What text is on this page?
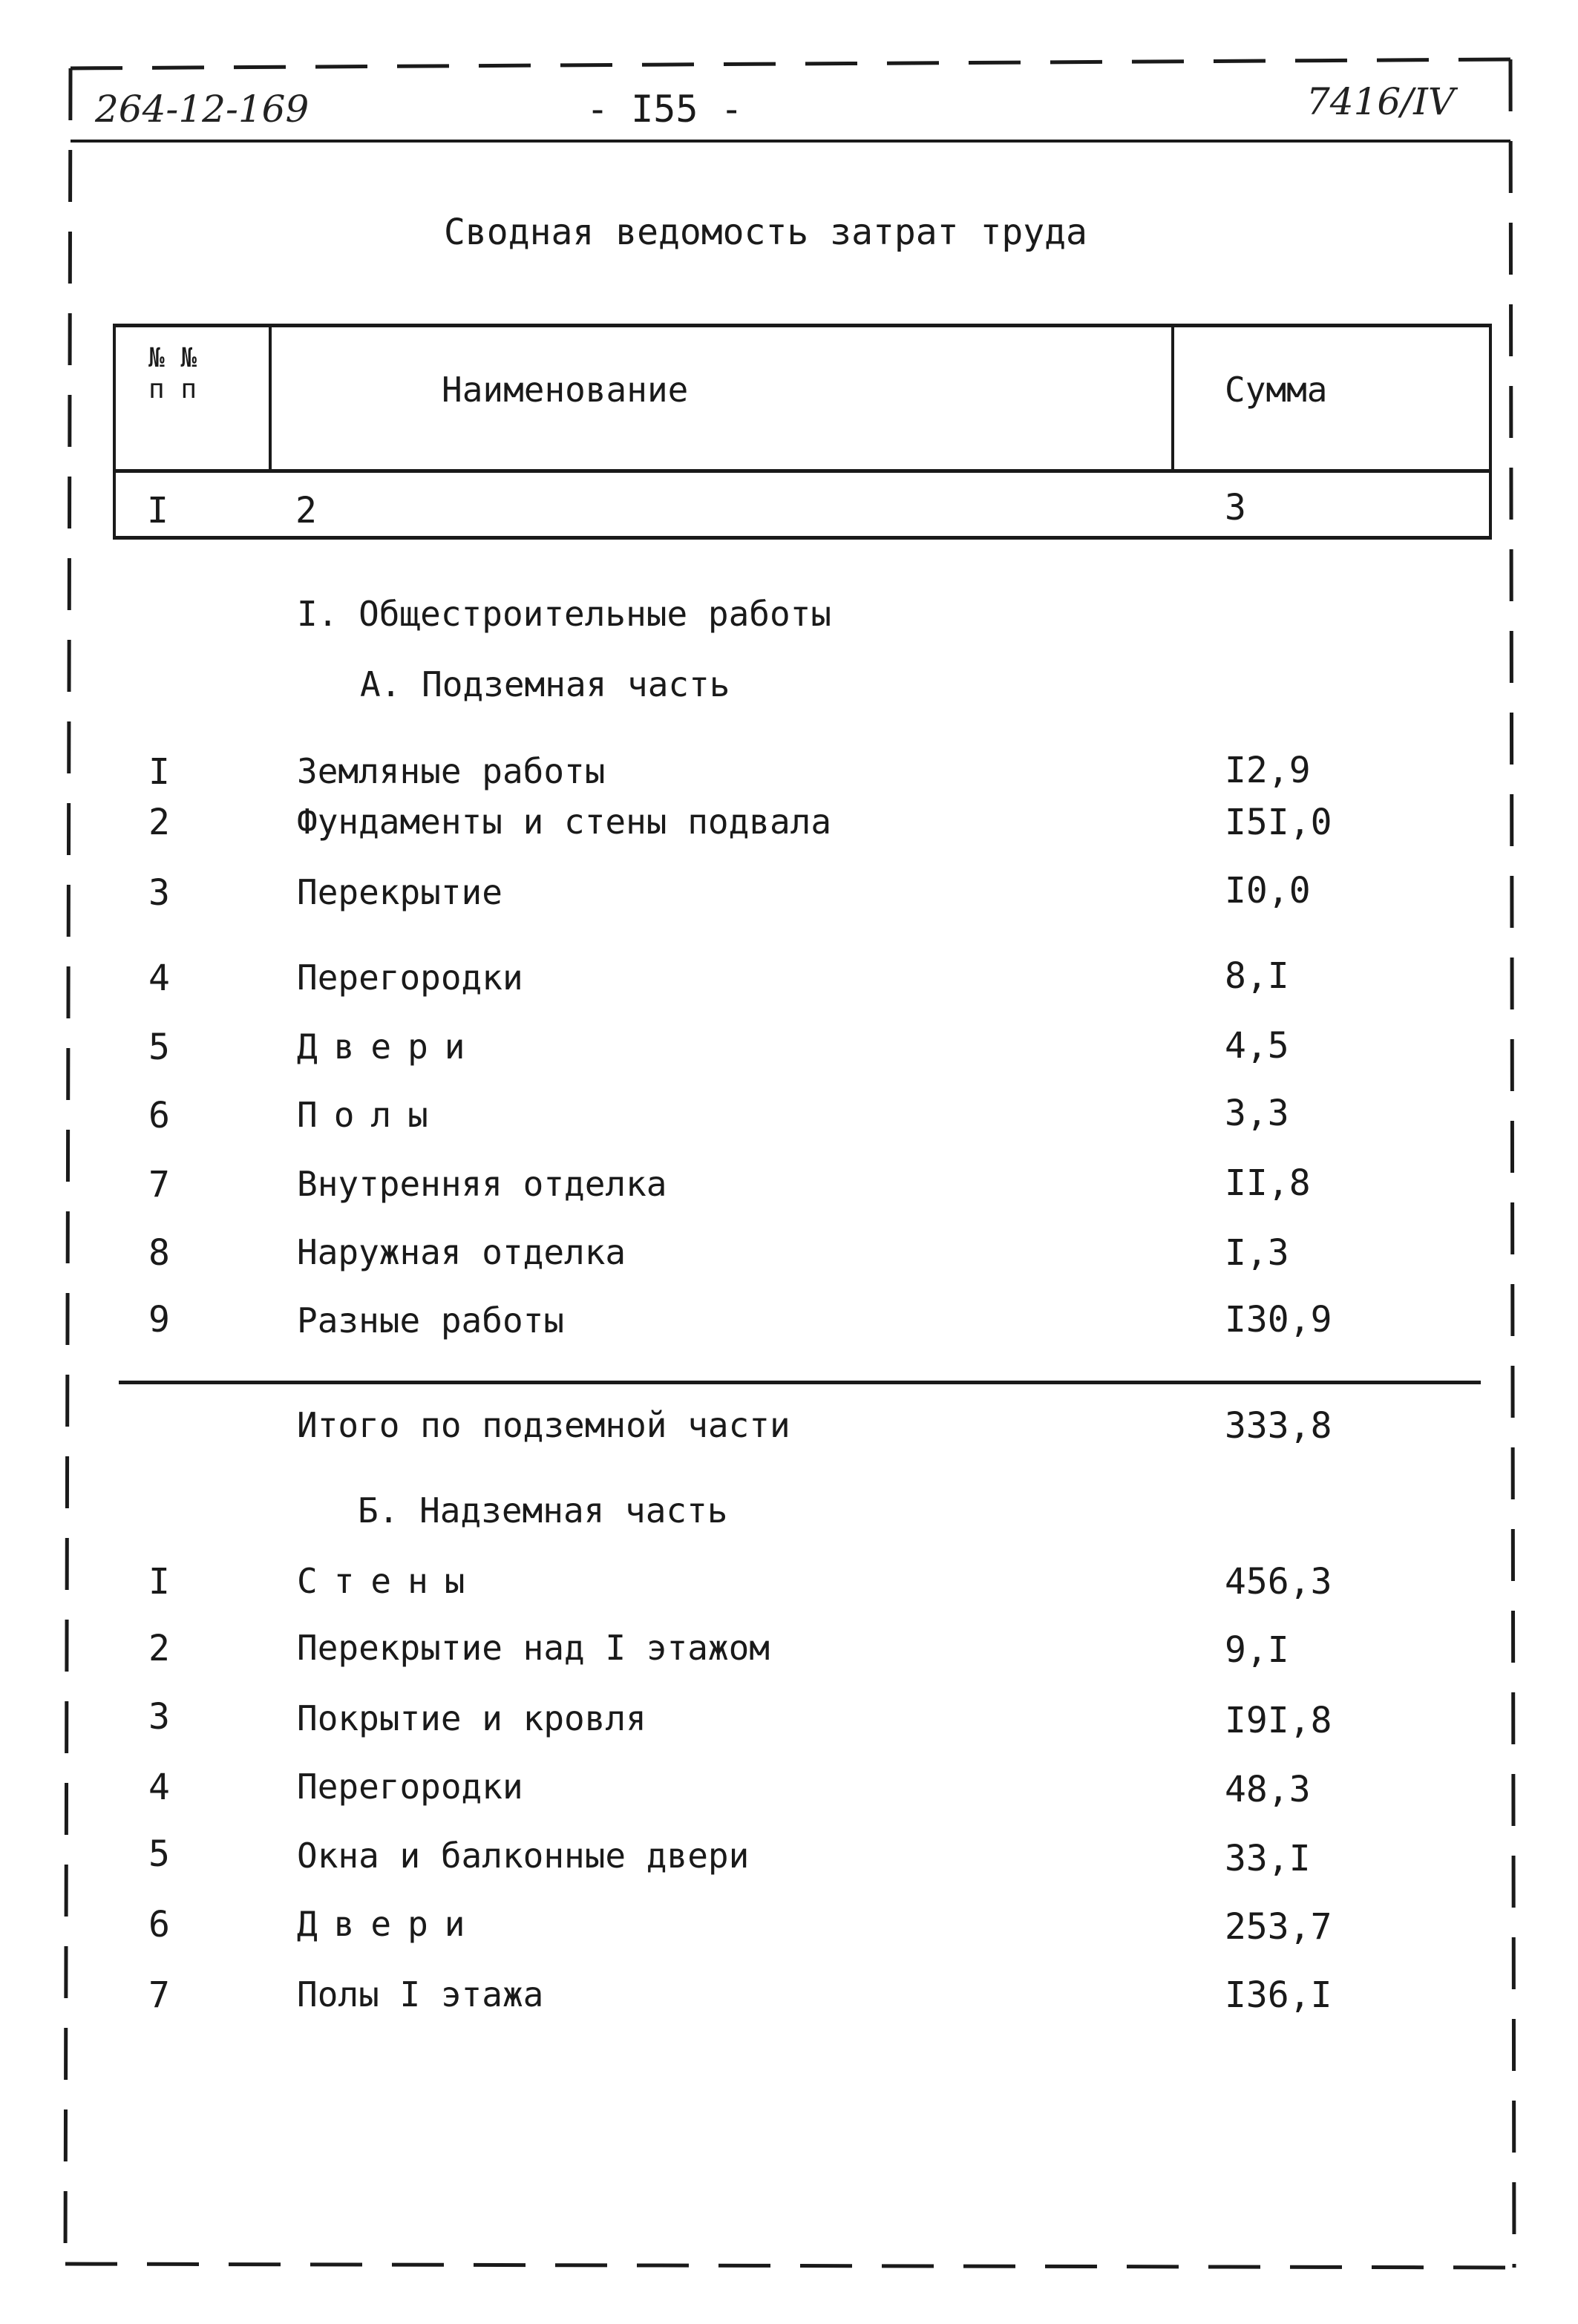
264-12-169	- I55 -	7416/IV
Сводная ведомость затрат труда
№ №
п п	Наименование	Сумма
I	2	3
I. Общестроительные работы
А. Подземная часть
I	Земляные работы	I2,9
2	Фундаменты и стены подвала	I5I,0
3	Перекрытие	I0,0
4	Перегородки	8,I
5	Двери	4,5
6	Полы	3,3
7	Внутренняя отделка	II,8
8	Наружная отделка	I,3
9	Разные работы	I30,9
Итого по подземной части	333,8
Б. Надземная часть
I	Стены	456,3
2	Перекрытие над I этажом	9,I
3	Покрытие и кровля	I9I,8
4	Перегородки	48,3
5	Окна и балконные двери	33,I
6	Двери	253,7
7	Полы I этажа	I36,I
